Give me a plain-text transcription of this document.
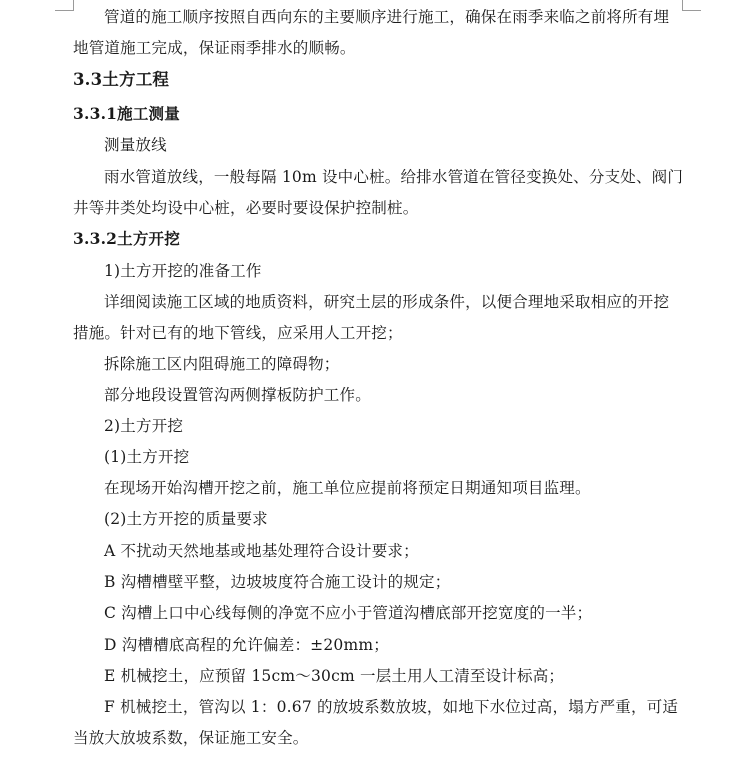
管道的施工顺序按照自西向东的主要顺序进行施工，确保在雨季来临之前将所有埋
地管道施工完成，保证雨季排水的顺畅。
3.3土方工程
3.3.1施工测量
测量放线
雨水管道放线，一般每隔 10m 设中心桩。给排水管道在管径变换处、分支处、阀门
井等井类处均设中心桩，必要时要设保护控制桩。
3.3.2土方开挖
1)土方开挖的准备工作
详细阅读施工区域的地质资料，研究土层的形成条件，以便合理地采取相应的开挖
措施。针对已有的地下管线，应采用人工开挖；
拆除施工区内阻碍施工的障碍物；
部分地段设置管沟两侧撑板防护工作。
2)土方开挖
(1)土方开挖
在现场开始沟槽开挖之前，施工单位应提前将预定日期通知项目监理。
(2)土方开挖的质量要求
A 不扰动天然地基或地基处理符合设计要求；
B 沟槽槽壁平整，边坡坡度符合施工设计的规定；
C 沟槽上口中心线每侧的净宽不应小于管道沟槽底部开挖宽度的一半；
D 沟槽槽底高程的允许偏差：±20mm；
E 机械挖土，应预留 15cm～30cm 一层土用人工清至设计标高；
F 机械挖土，管沟以 1：0.67 的放坡系数放坡，如地下水位过高，塌方严重，可适
当放大放坡系数，保证施工安全。
